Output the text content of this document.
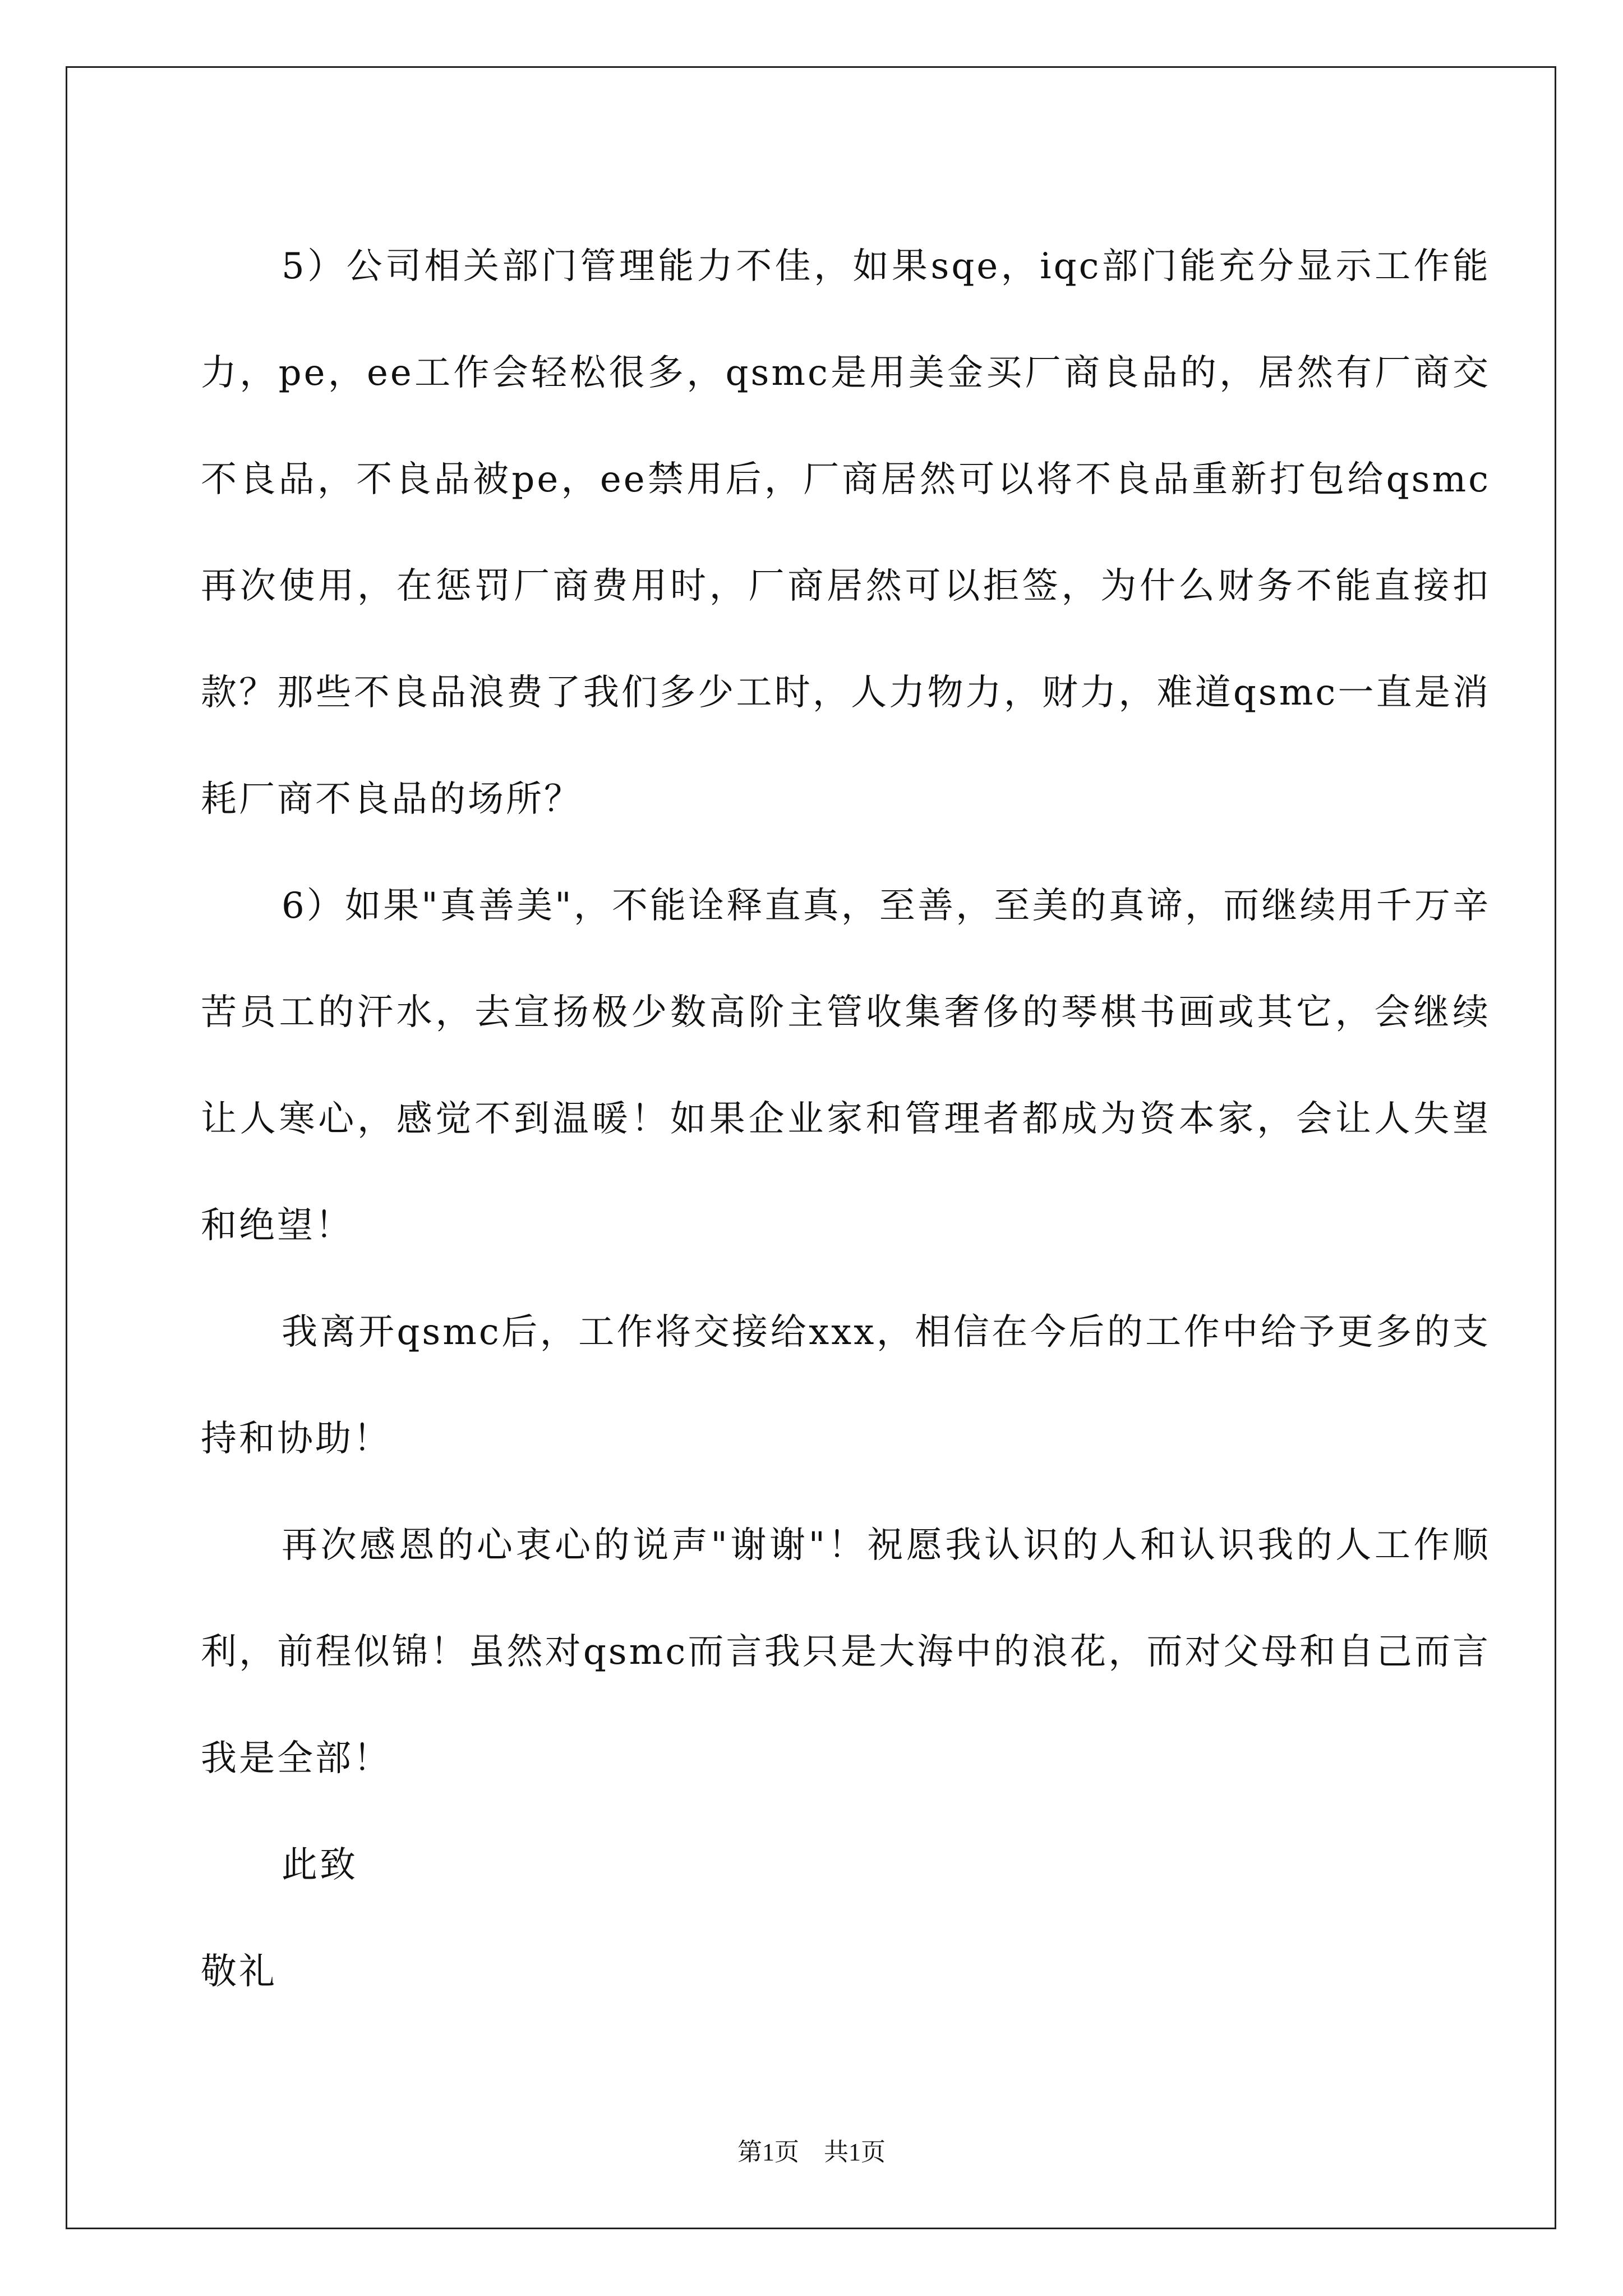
5）公司相关部门管理能力不佳，如果sqe，iqc部门能充分显示工作能力，pe，ee工作会轻松很多，qsmc是用美金买厂商良品的，居然有厂商交不良品，不良品被pe，ee禁用后，厂商居然可以将不良品重新打包给qsmc再次使用，在惩罚厂商费用时，厂商居然可以拒签，为什么财务不能直接扣款？那些不良品浪费了我们多少工时，人力物力，财力，难道qsmc一直是消耗厂商不良品的场所？

6）如果"真善美"，不能诠释直真，至善，至美的真谛，而继续用千万辛苦员工的汗水，去宣扬极少数高阶主管收集奢侈的琴棋书画或其它，会继续让人寒心，感觉不到温暖！如果企业家和管理者都成为资本家，会让人失望和绝望！

我离开qsmc后，工作将交接给xxx，相信在今后的工作中给予更多的支持和协助！

再次感恩的心衷心的说声"谢谢"！祝愿我认识的人和认识我的人工作顺利，前程似锦！虽然对qsmc而言我只是大海中的浪花，而对父母和自己而言我是全部！

此致

敬礼

第1页　共1页
